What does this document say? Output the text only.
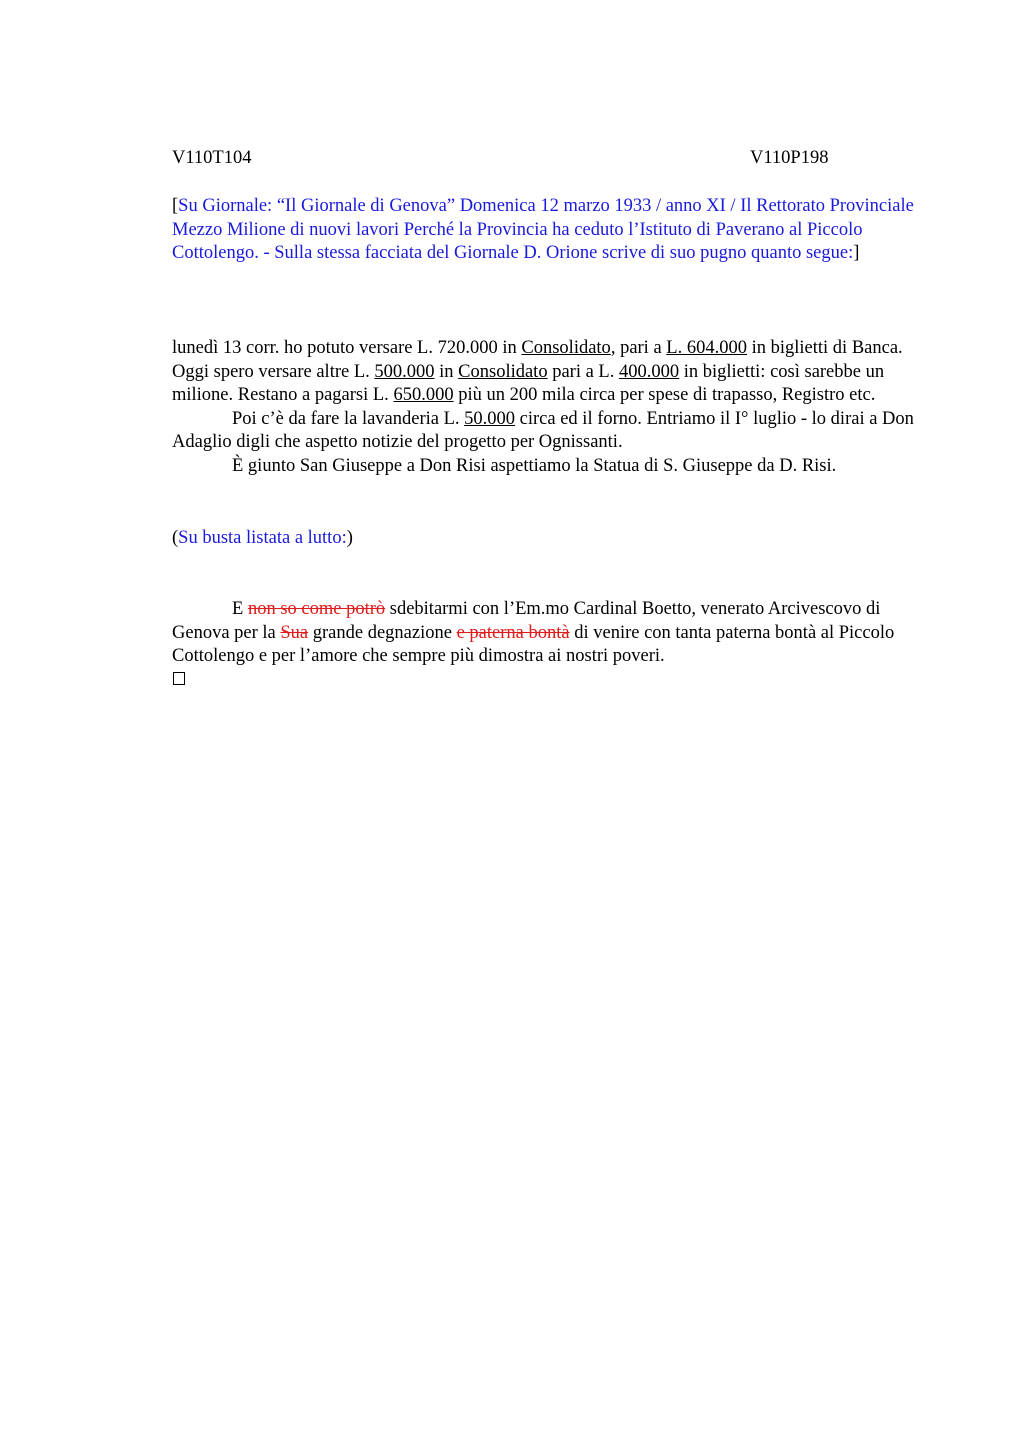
V110T104	V110P198

[Su Giornale: “Il Giornale di Genova” Domenica 12 marzo 1933 / anno XI / Il Rettorato Provinciale Mezzo Milione di nuovi lavori Perché la Provincia ha ceduto l’Istituto di Paverano al Piccolo Cottolengo. - Sulla stessa facciata del Giornale D. Orione scrive di suo pugno quanto segue:]

lunedì 13 corr. ho potuto versare L. 720.000 in Consolidato, pari a L. 604.000 in biglietti di Banca. Oggi spero versare altre L. 500.000 in Consolidato pari a L. 400.000 in biglietti: così sarebbe un milione. Restano a pagarsi L. 650.000 più un 200 mila circa per spese di trapasso, Registro etc.

Poi c’è da fare la lavanderia L. 50.000 circa ed il forno. Entriamo il I° luglio - lo dirai a Don Adaglio digli che aspetto notizie del progetto per Ognissanti.

È giunto San Giuseppe a Don Risi aspettiamo la Statua di S. Giuseppe da D. Risi.

(Su busta listata a lutto:)

E non so come potrò sdebitarmi con l’Em.mo Cardinal Boetto, venerato Arcivescovo di Genova per la Sua grande degnazione e paterna bontà di venire con tanta paterna bontà al Piccolo Cottolengo e per l’amore che sempre più dimostra ai nostri poveri.
